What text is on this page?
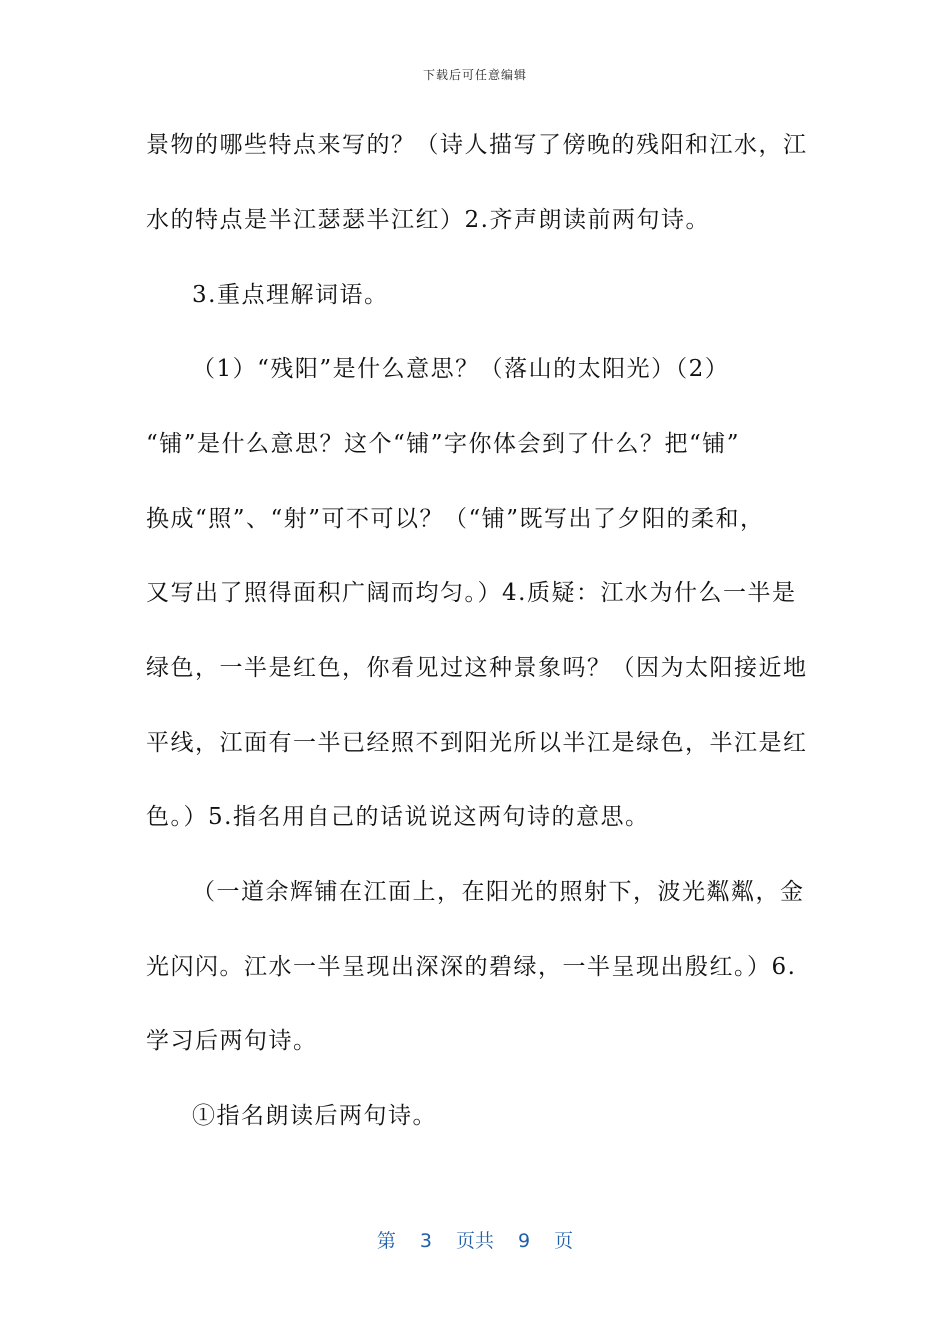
下载后可任意编辑
景物的哪些特点来写的？（诗人描写了傍晚的残阳和江水，江
水的特点是半江瑟瑟半江红）2.齐声朗读前两句诗。
3.重点理解词语。
（1）“残阳”是什么意思？（落山的太阳光）（2）
“铺”是什么意思？这个“铺”字你体会到了什么？把“铺”
换成“照”、“射”可不可以？（“铺”既写出了夕阳的柔和，
又写出了照得面积广阔而均匀。）4.质疑：江水为什么一半是
绿色，一半是红色，你看见过这种景象吗？（因为太阳接近地
平线，江面有一半已经照不到阳光所以半江是绿色，半江是红
色。）5.指名用自己的话说说这两句诗的意思。
（一道余辉铺在江面上，在阳光的照射下，波光粼粼，金
光闪闪。江水一半呈现出深深的碧绿，一半呈现出殷红。）6.
学习后两句诗。
①指名朗读后两句诗。
第 3 页共 9 页
